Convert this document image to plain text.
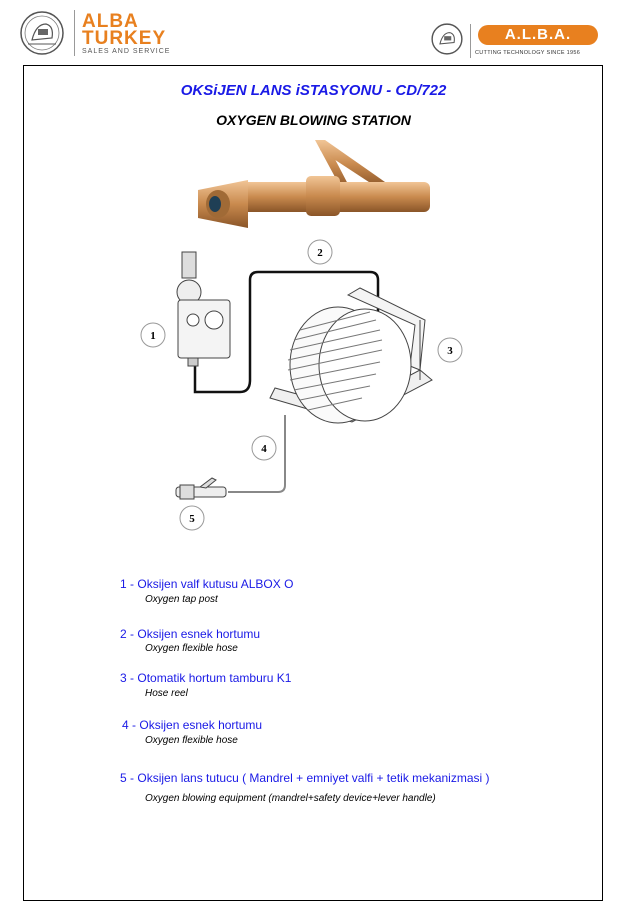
ALBA
TURKEY
SALES AND SERVICE
A.L.B.A.
CUTTING TECHNOLOGY SINCE 1956
OKSiJEN LANS iSTASYONU - CD/722
OXYGEN BLOWING STATION
2
1
3
4
5
1 - Oksijen valf kutusu ALBOX O
Oxygen tap post
2 - Oksijen esnek hortumu
Oxygen flexible hose
3 - Otomatik hortum tamburu K1
Hose reel
4 - Oksijen esnek hortumu
Oxygen flexible hose
5 - Oksijen lans tutucu ( Mandrel + emniyet valfi + tetik mekanizmasi )
Oxygen blowing equipment (mandrel+safety device+lever handle)
